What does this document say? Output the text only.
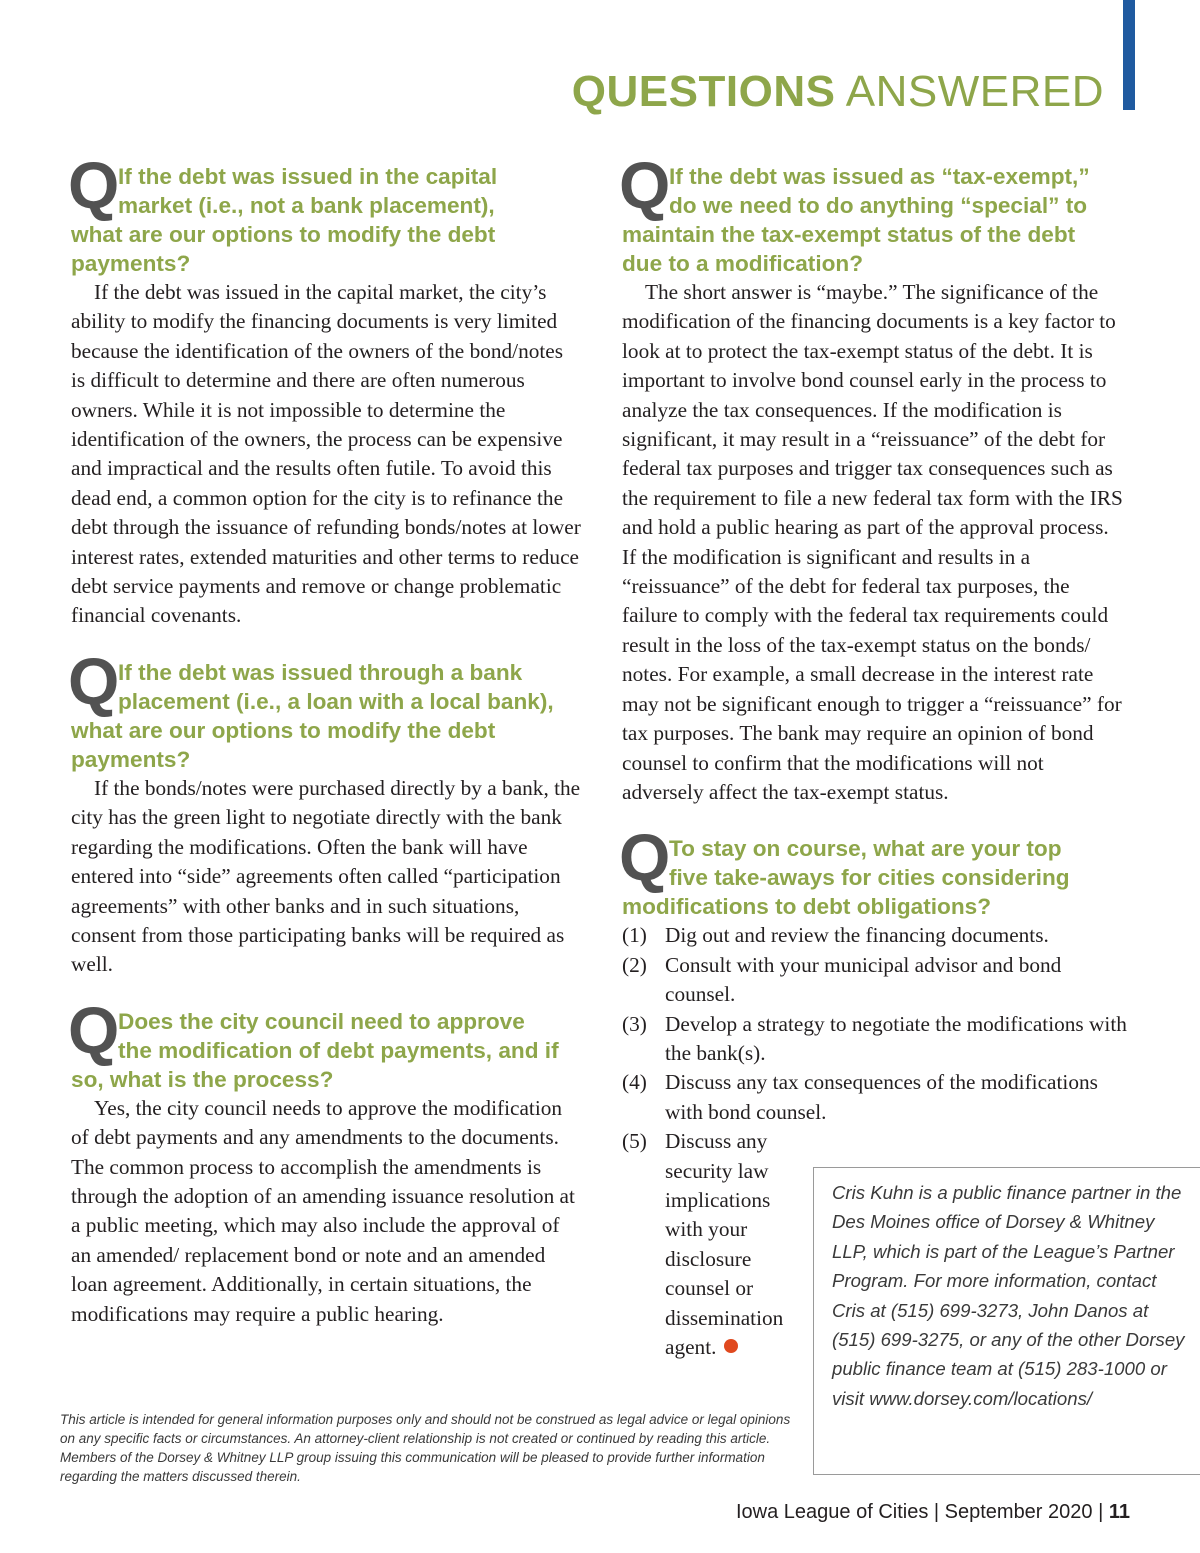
QUESTIONS ANSWERED
Q
If the debt was issued in the capital
market (i.e., not a bank placement),
what are our options to modify the debt
payments?

If the debt was issued in the capital market, the city’s ability to modify the financing documents is very limited because the identification of the owners of the bond/notes is difficult to determine and there are often numerous owners. While it is not impossible to determine the identification of the owners, the process can be expensive and impractical and the results often futile. To avoid this dead end, a common option for the city is to refinance the debt through the issuance of refunding bonds/notes at lower interest rates, extended maturities and other terms to reduce debt service payments and remove or change problematic financial covenants.

Q
If the debt was issued through a bank
placement (i.e., a loan with a local bank),
what are our options to modify the debt
payments?

If the bonds/notes were purchased directly by a bank, the city has the green light to negotiate directly with the bank regarding the modifications. Often the bank will have entered into “side” agreements often called “participation agreements” with other banks and in such situations, consent from those participating banks will be required as well.

Q
Does the city council need to approve
the modification of debt payments, and if
so, what is the process?

Yes, the city council needs to approve the modification of debt payments and any amendments to the documents. The common process to accomplish the amendments is through the adoption of an amending issuance resolution at a public meeting, which may also include the approval of an amended/ replacement bond or note and an amended loan agreement. Additionally, in certain situations, the modifications may require a public hearing.

Q
If the debt was issued as “tax-exempt,”
do we need to do anything “special” to
maintain the tax-exempt status of the debt
due to a modification?

The short answer is “maybe.” The significance of the modification of the financing documents is a key factor to look at to protect the tax-exempt status of the debt. It is important to involve bond counsel early in the process to analyze the tax consequences. If the modification is significant, it may result in a “reissuance” of the debt for federal tax purposes and trigger tax consequences such as the requirement to file a new federal tax form with the IRS and hold a public hearing as part of the approval process. If the modification is significant and results in a “reissuance” of the debt for federal tax purposes, the failure to comply with the federal tax requirements could result in the loss of the tax-exempt status on the bonds/ notes. For example, a small decrease in the interest rate may not be significant enough to trigger a “reissuance” for tax purposes. The bank may require an opinion of bond counsel to confirm that the modifications will not adversely affect the tax-exempt status.

Q
To stay on course, what are your top
five take-aways for cities considering
modifications to debt obligations?
(1) Dig out and review the financing documents.
(2) Consult with your municipal advisor and bond counsel.
(3) Develop a strategy to negotiate the modifications with the bank(s).
(4) Discuss any tax consequences of the modifications with bond counsel.
(5) Discuss any security law implications with your disclosure counsel or dissemination agent.

Cris Kuhn is a public finance partner in the Des Moines office of Dorsey & Whitney LLP, which is part of the League’s Partner Program. For more information, contact Cris at (515) 699-3273, John Danos at (515) 699-3275, or any of the other Dorsey public finance team at (515) 283-1000 or visit www.dorsey.com/locations/

This article is intended for general information purposes only and should not be construed as legal advice or legal opinions on any specific facts or circumstances. An attorney-client relationship is not created or continued by reading this article. Members of the Dorsey & Whitney LLP group issuing this communication will be pleased to provide further information regarding the matters discussed therein.

Iowa League of Cities | September 2020 | 11
